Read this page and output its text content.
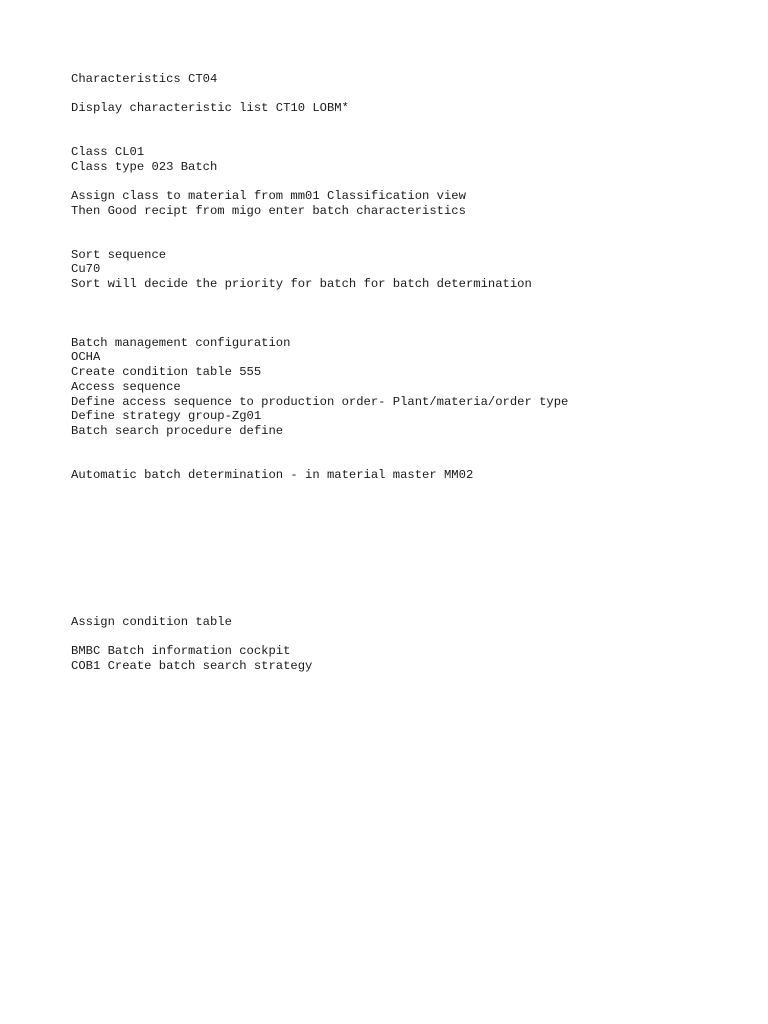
Characteristics CT04

Display characteristic list CT10 LOBM*

Class CL01

Class type 023 Batch

Assign class to material from mm01 Classification view

Then Good recipt from migo enter batch characteristics

Sort sequence

Cu70

Sort will decide the priority for batch for batch determination

Batch management configuration

OCHA

Create condition table 555

Access sequence

Define access sequence to production order- Plant/materia/order type

Define strategy group-Zg01

Batch search procedure define

Automatic batch determination - in material master MM02

Assign condition table

BMBC Batch information cockpit

COB1 Create batch search strategy
